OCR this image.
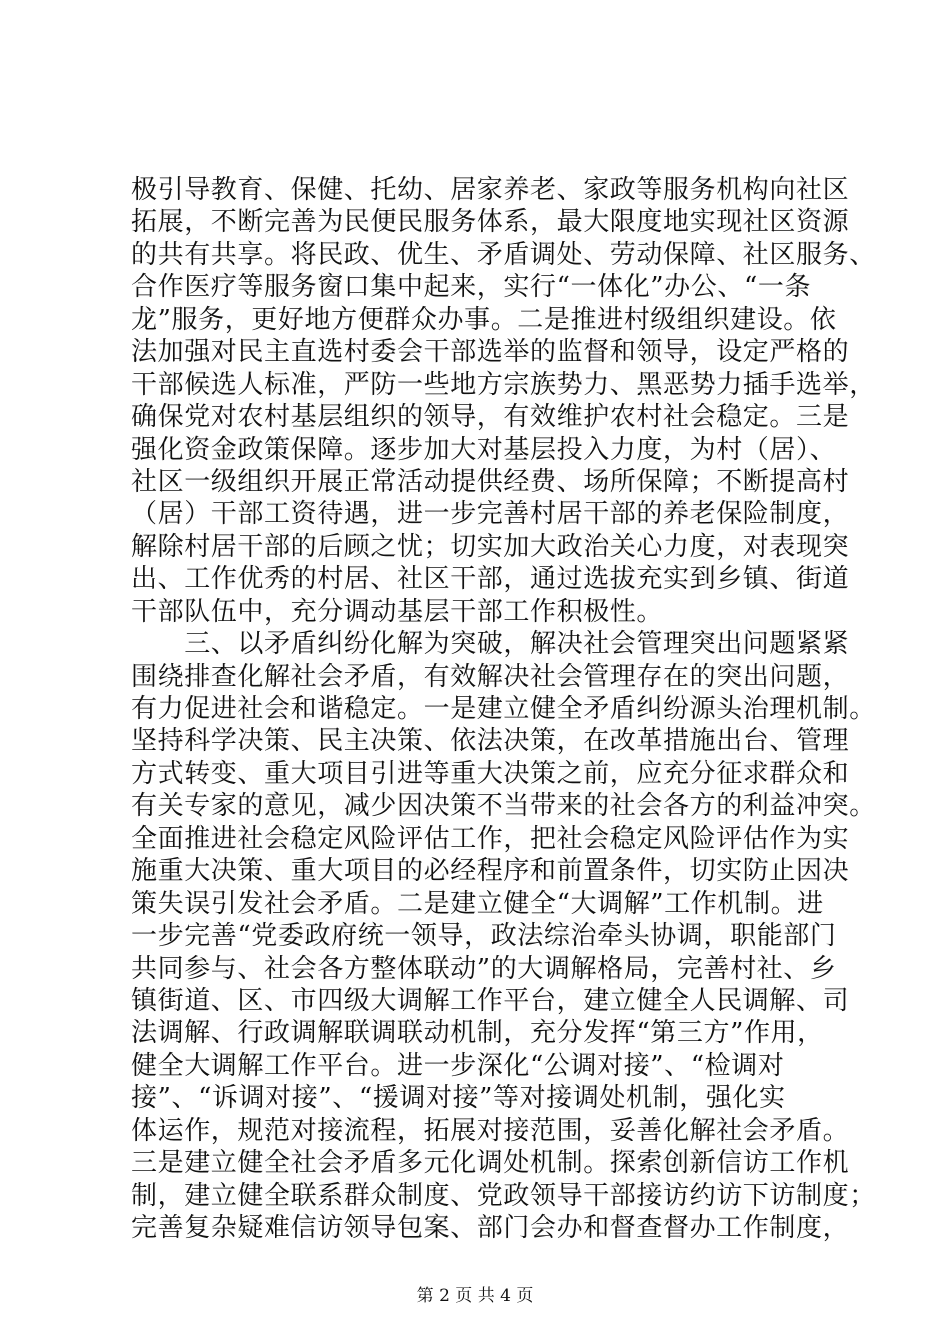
极引导教育、保健、托幼、居家养老、家政等服务机构向社区
拓展，不断完善为民便民服务体系，最大限度地实现社区资源
的共有共享。将民政、优生、矛盾调处、劳动保障、社区服务、
合作医疗等服务窗口集中起来，实行“一体化”办公、“一条
龙”服务，更好地方便群众办事。二是推进村级组织建设。依
法加强对民主直选村委会干部选举的监督和领导，设定严格的
干部候选人标准，严防一些地方宗族势力、黑恶势力插手选举，
确保党对农村基层组织的领导，有效维护农村社会稳定。三是
强化资金政策保障。逐步加大对基层投入力度，为村（居）、
社区一级组织开展正常活动提供经费、场所保障；不断提高村
（居）干部工资待遇，进一步完善村居干部的养老保险制度，
解除村居干部的后顾之忧；切实加大政治关心力度，对表现突
出、工作优秀的村居、社区干部，通过选拔充实到乡镇、街道
干部队伍中，充分调动基层干部工作积极性。
　　三、以矛盾纠纷化解为突破，解决社会管理突出问题紧紧
围绕排查化解社会矛盾，有效解决社会管理存在的突出问题，
有力促进社会和谐稳定。一是建立健全矛盾纠纷源头治理机制。
坚持科学决策、民主决策、依法决策，在改革措施出台、管理
方式转变、重大项目引进等重大决策之前，应充分征求群众和
有关专家的意见，减少因决策不当带来的社会各方的利益冲突。
全面推进社会稳定风险评估工作，把社会稳定风险评估作为实
施重大决策、重大项目的必经程序和前置条件，切实防止因决
策失误引发社会矛盾。二是建立健全“大调解”工作机制。进
一步完善“党委政府统一领导，政法综治牵头协调，职能部门
共同参与、社会各方整体联动”的大调解格局，完善村社、乡
镇街道、区、市四级大调解工作平台，建立健全人民调解、司
法调解、行政调解联调联动机制，充分发挥“第三方”作用，
健全大调解工作平台。进一步深化“公调对接”、“检调对
接”、“诉调对接”、“援调对接”等对接调处机制，强化实
体运作，规范对接流程，拓展对接范围，妥善化解社会矛盾。
三是建立健全社会矛盾多元化调处机制。探索创新信访工作机
制，建立健全联系群众制度、党政领导干部接访约访下访制度；
完善复杂疑难信访领导包案、部门会办和督查督办工作制度，
第 2 页 共 4 页
